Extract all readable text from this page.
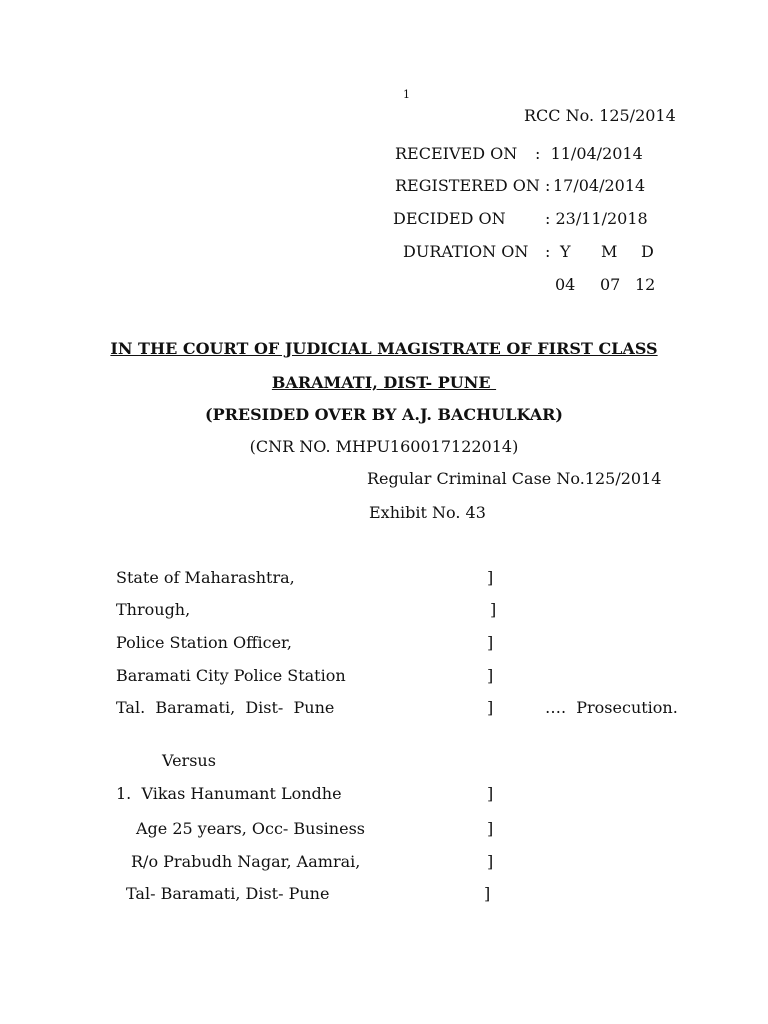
1
RCC No. 125/2014
RECEIVED ON :  11/04/2014
REGISTERED ON : 17/04/2014
DECIDED ON : 23/11/2018
DURATION ON : Y M D
04 07 12
IN THE COURT OF JUDICIAL MAGISTRATE OF FIRST CLASS
BARAMATI, DIST- PUNE
(PRESIDED OVER BY A.J. BACHULKAR)
(CNR NO. MHPU160017122014)
Regular Criminal Case No.125/2014
Exhibit No. 43
State of Maharashtra,	]
Through,	]
Police Station Officer,	]
Baramati City Police Station	]
Tal.  Baramati,  Dist-  Pune	]	….  Prosecution.
Versus
1.  Vikas Hanumant Londhe	]
Age 25 years, Occ- Business	]
R/o Prabudh Nagar, Aamrai,	]
Tal- Baramati, Dist- Pune	]
